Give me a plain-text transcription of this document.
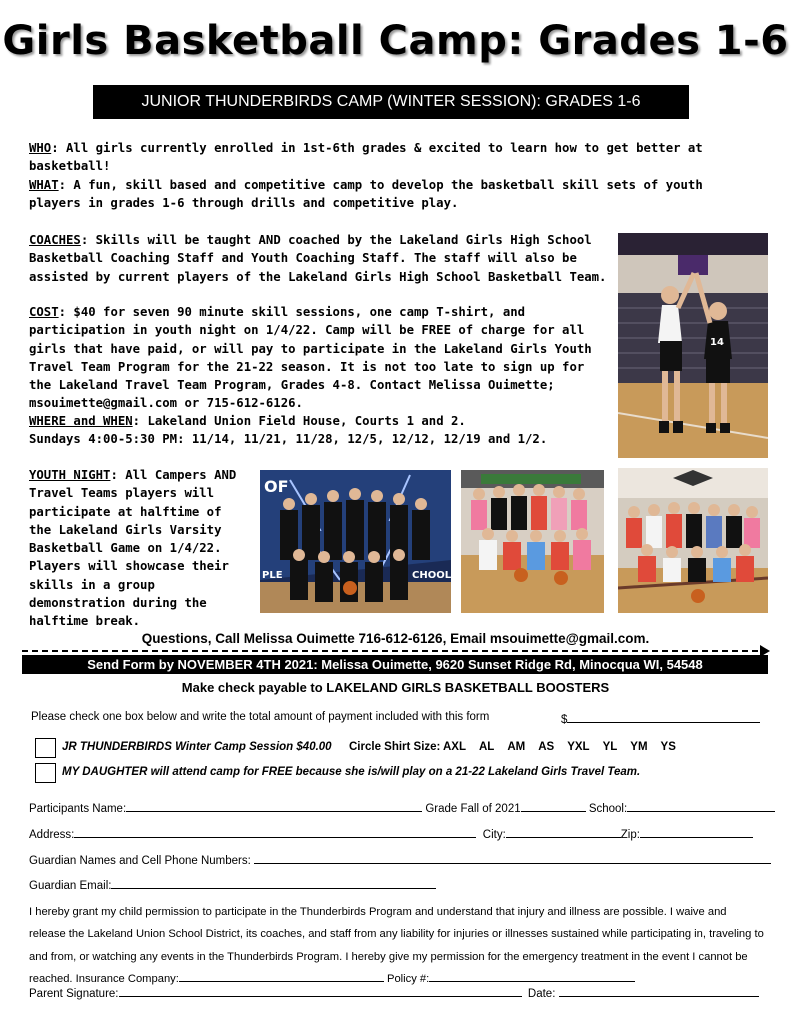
Girls Basketball Camp: Grades 1-6
JUNIOR THUNDERBIRDS CAMP (WINTER SESSION): GRADES 1-6
WHO: All girls currently enrolled in 1st-6th grades & excited to learn how to get better at basketball!
WHAT: A fun, skill based and competitive camp to develop the basketball skill sets of youth players in grades 1-6 through drills and competitive play.
COACHES: Skills will be taught AND coached by the Lakeland Girls High School Basketball Coaching Staff and Youth Coaching Staff. The staff will also be assisted by current players of the Lakeland Girls High School Basketball Team.
COST: $40 for seven 90 minute skill sessions, one camp T-shirt, and participation in youth night on 1/4/22. Camp will be FREE of charge for all girls that have paid, or will pay to participate in the Lakeland Girls Youth Travel Team Program for the 21-22 season. It is not too late to sign up for the Lakeland Travel Team Program, Grades 4-8. Contact Melissa Ouimette; msouimette@gmail.com or 715-612-6126.
WHERE and WHEN: Lakeland Union Field House, Courts 1 and 2.
Sundays 4:00-5:30 PM: 11/14, 11/21, 11/28, 12/5, 12/12, 12/19 and 1/2.
YOUTH NIGHT: All Campers AND Travel Teams players will participate at halftime of the Lakeland Girls Varsity Basketball Game on 1/4/22. Players will showcase their skills in a group demonstration during the halftime break.
14
OF
PLE	CHOOL
Questions, Call Melissa Ouimette 716-612-6126, Email msouimette@gmail.com.
Send Form by NOVEMBER 4TH 2021: Melissa Ouimette, 9620 Sunset Ridge Rd, Minocqua WI, 54548
Make check payable to LAKELAND GIRLS BASKETBALL BOOSTERS
Please check one box below and write the total amount of payment included with this form	$
JR THUNDERBIRDS Winter Camp Session $40.00 Circle Shirt Size: AXL AL AM AS YXL YL YM YS
MY DAUGHTER will attend camp for FREE because she is/will play on a 21-22 Lakeland Girls Travel Team.
Participants Name:	Grade Fall of 2021	School:
Address:	City:	Zip:
Guardian Names and Cell Phone Numbers:
Guardian Email:
I hereby grant my child permission to participate in the Thunderbirds Program and understand that injury and illness are possible. I waive and release the Lakeland Union School District, its coaches, and staff from any liability for injuries or illnesses sustained while participating in, traveling to and from, or watching any events in the Thunderbirds Program. I hereby give my permission for the emergency treatment in the event I cannot be reached. Insurance Company:	Policy #:
Parent Signature:	Date:
